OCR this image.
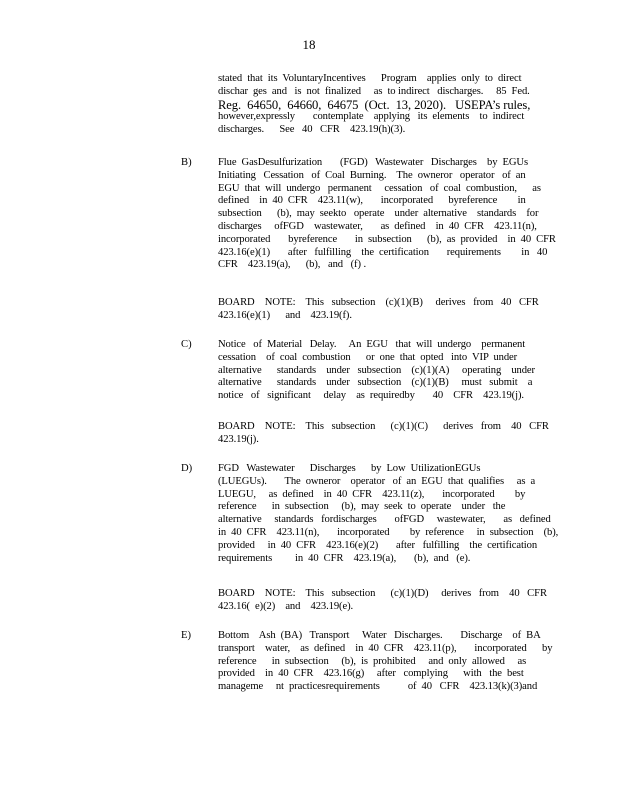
18
stated  that  its  VoluntaryIncentives      Program    applies  only  to  direct
dischar  ges  and   is  not  finalized     as  to indirect   discharges.     85  Fed.
Reg.  64650,  64660,  64675  (Oct.  13, 2020).   USEPA’s rules,
however,expressly       contemplate    applying   its  elements    to  indirect
discharges.      See   40   CFR    423.19(h)(3).
B) Flue  GasDesulfurization       (FGD)   Wastewater   Discharges    by  EGUs
Initiating   Cessation   of  Coal  Burning.    The  owneror   operator   of  an
EGU  that  will  undergo   permanent     cessation   of  coal  combustion,      as
defined    in  40  CFR    423.11(w),       incorporated      byreference        in
subsection      (b),  may  seekto   operate    under  alternative    standards    for
discharges     ofFGD    wastewater,       as  defined    in  40  CFR    423.11(n),
incorporated       byreference       in  subsection      (b),  as  provided    in  40  CFR
423.16(e)(1)       after   fulfilling    the  certification       requirements        in   40
CFR    423.19(a),      (b),   and   (f) .
BOARD    NOTE:    This   subsection    (c)(1)(B)     derives   from   40   CFR
423.16(e)(1)      and    423.19(f).
C) Notice   of  Material   Delay.     An  EGU   that  will  undergo    permanent
cessation    of  coal  combustion      or  one  that  opted   into  VIP  under
alternative      standards    under   subsection    (c)(1)(A)     operating    under
alternative      standards    under   subsection    (c)(1)(B)     must   submit    a
notice   of   significant     delay    as  requiredby       40    CFR    423.19(j).
BOARD    NOTE:    This   subsection      (c)(1)(C)      derives   from    40   CFR
423.19(j).
D) FGD   Wastewater      Discharges      by  Low  UtilizationEGUs
(LUEGUs).       The  owneror    operator   of  an  EGU  that  qualifies     as  a
LUEGU,     as  defined    in  40  CFR    423.11(z),       incorporated        by
reference      in  subsection     (b),  may  seek  to  operate    under   the
alternative     standards   fordischarges       ofFGD     wastewater,       as   defined
in  40  CFR    423.11(n),       incorporated        by  reference     in  subsection    (b),
provided     in  40  CFR    423.16(e)(2)       after   fulfilling    the  certification
requirements         in  40  CFR    423.19(a),       (b),  and   (e).
BOARD    NOTE:    This   subsection      (c)(1)(D)     derives   from    40   CFR
423.16(  e)(2)    and    423.19(e).
E)	Bottom    Ash  (BA)   Transport     Water   Discharges.       Discharge    of  BA
transport    water,    as  defined    in  40  CFR    423.11(p),       incorporated      by
reference      in  subsection     (b),  is  prohibited     and  only  allowed     as
provided    in  40  CFR    423.16(g)     after   complying      with   the  best
manageme     nt  practicesrequirements           of  40   CFR    423.13(k)(3)and
